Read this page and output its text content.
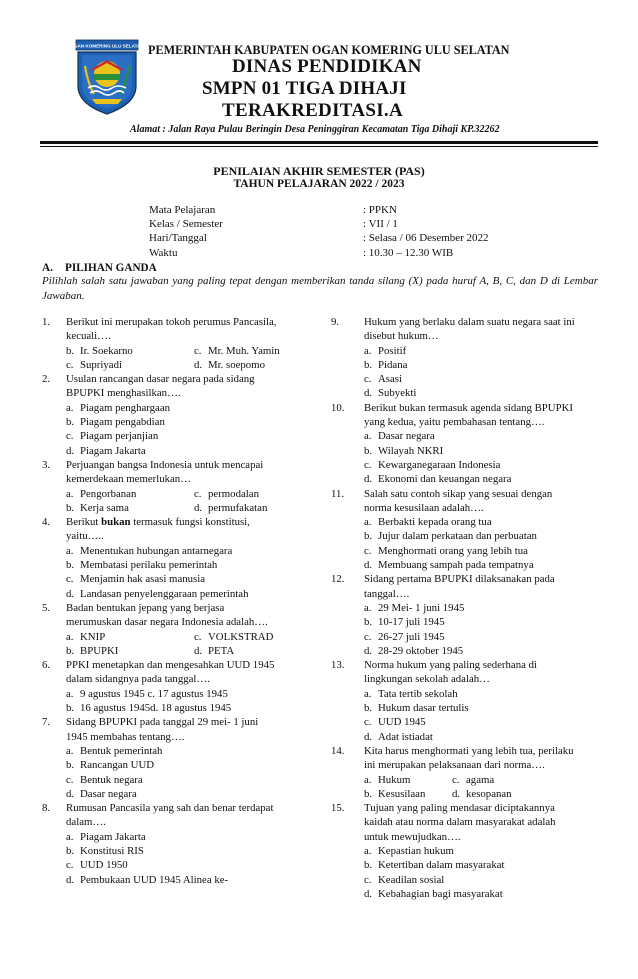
OGAN KOMERING ULU SELATAN PEMERINTAH KABUPATEN OGAN KOMERING ULU SELATAN
DINAS PENDIDIKAN
SMPN 01 TIGA DIHAJI
TERAKREDITASI.A
Alamat : Jalan Raya Pulau Beringin Desa Peninggiran Kecamatan Tiga Dihaji KP.32262
PENILAIAN AKHIR SEMESTER (PAS)
TAHUN PELAJARAN 2022 / 2023
Mata Pelajaran	: PPKN
Kelas / Semester	: VII / 1
Hari/Tanggal	: Selasa / 06 Desember 2022
Waktu	: 10.30 – 12.30 WIB
A. PILIHAN GANDA
Pilihlah salah satu jawaban yang paling tepat dengan memberikan tanda silang (X) pada huruf A, B, C, dan D di Lembar Jawaban.
1.	Berikut ini merupakan tokoh perumus Pancasila,
kecuali….
b. Ir. Soekarno	c. Mr. Muh. Yamin
c. Supriyadi	d. Mr. soepomo
2.	Usulan rancangan dasar negara pada sidang
BPUPKI menghasilkan….
a. Piagam penghargaan
b. Piagam pengabdian
c. Piagam perjanjian
d. Piagam Jakarta
3.	Perjuangan bangsa Indonesia untuk mencapai
kemerdekaan memerlukan…
a. Pengorbanan	c. permodalan
b. Kerja sama	d. permufakatan
4.	Berikut bukan termasuk fungsi konstitusi,
yaitu…..
a. Menentukan hubungan antarnegara
b. Membatasi perilaku pemerintah
c. Menjamin hak asasi manusia
d. Landasan penyelenggaraan pemerintah
5.	Badan bentukan jepang yang berjasa
merumuskan dasar negara Indonesia adalah….
a. KNIP	c. VOLKSTRAD
b. BPUPKI	d. PETA
6.	PPKI menetapkan dan mengesahkan UUD 1945
dalam sidangnya pada tanggal….
a. 9 agustus 1945 c. 17 agustus 1945
b. 16 agustus 1945d. 18 agustus 1945
7.	Sidang BPUPKI pada tanggal 29 mei- 1 juni
1945 membahas tentang….
a. Bentuk pemerintah
b. Rancangan UUD
c. Bentuk negara
d. Dasar negara
8.	Rumusan Pancasila yang sah dan benar terdapat
dalam….
a. Piagam Jakarta
b. Konstitusi RIS
c. UUD 1950
d. Pembukaan UUD 1945 Alinea ke-
9.	Hukum yang berlaku dalam suatu negara saat ini
disebut hukum…
a. Positif
b. Pidana
c. Asasi
d. Subyekti
10.	Berikut bukan termasuk agenda sidang BPUPKI
yang kedua, yaitu pembahasan tentang….
a. Dasar negara
b. Wilayah NKRI
c. Kewarganegaraan Indonesia
d. Ekonomi dan keuangan negara
11.	Salah satu contoh sikap yang sesuai dengan
norma kesusilaan adalah….
a. Berbakti kepada orang tua
b. Jujur dalam perkataan dan perbuatan
c. Menghormati orang yang lebih tua
d. Membuang sampah pada tempatnya
12.	Sidang pertama BPUPKI dilaksanakan pada
tanggal….
a. 29 Mei- 1 juni 1945
b. 10-17 juli 1945
c. 26-27 juli 1945
d. 28-29 oktober 1945
13.	Norma hukum yang paling sederhana di
lingkungan sekolah adalah…
a. Tata tertib sekolah
b. Hukum dasar tertulis
c. UUD 1945
d. Adat istiadat
14.	Kita harus menghormati yang lebih tua, perilaku
ini merupakan pelaksanaan dari norma….
a. Hukum	c. agama
b. Kesusilaan d. kesopanan
15.	Tujuan yang paling mendasar diciptakannya
kaidah atau norma dalam masyarakat adalah
untuk mewujudkan….
a. Kepastian hukum
b. Ketertiban dalam masyarakat
c. Keadilan sosial
d. Kebahagian bagi masyarakat
